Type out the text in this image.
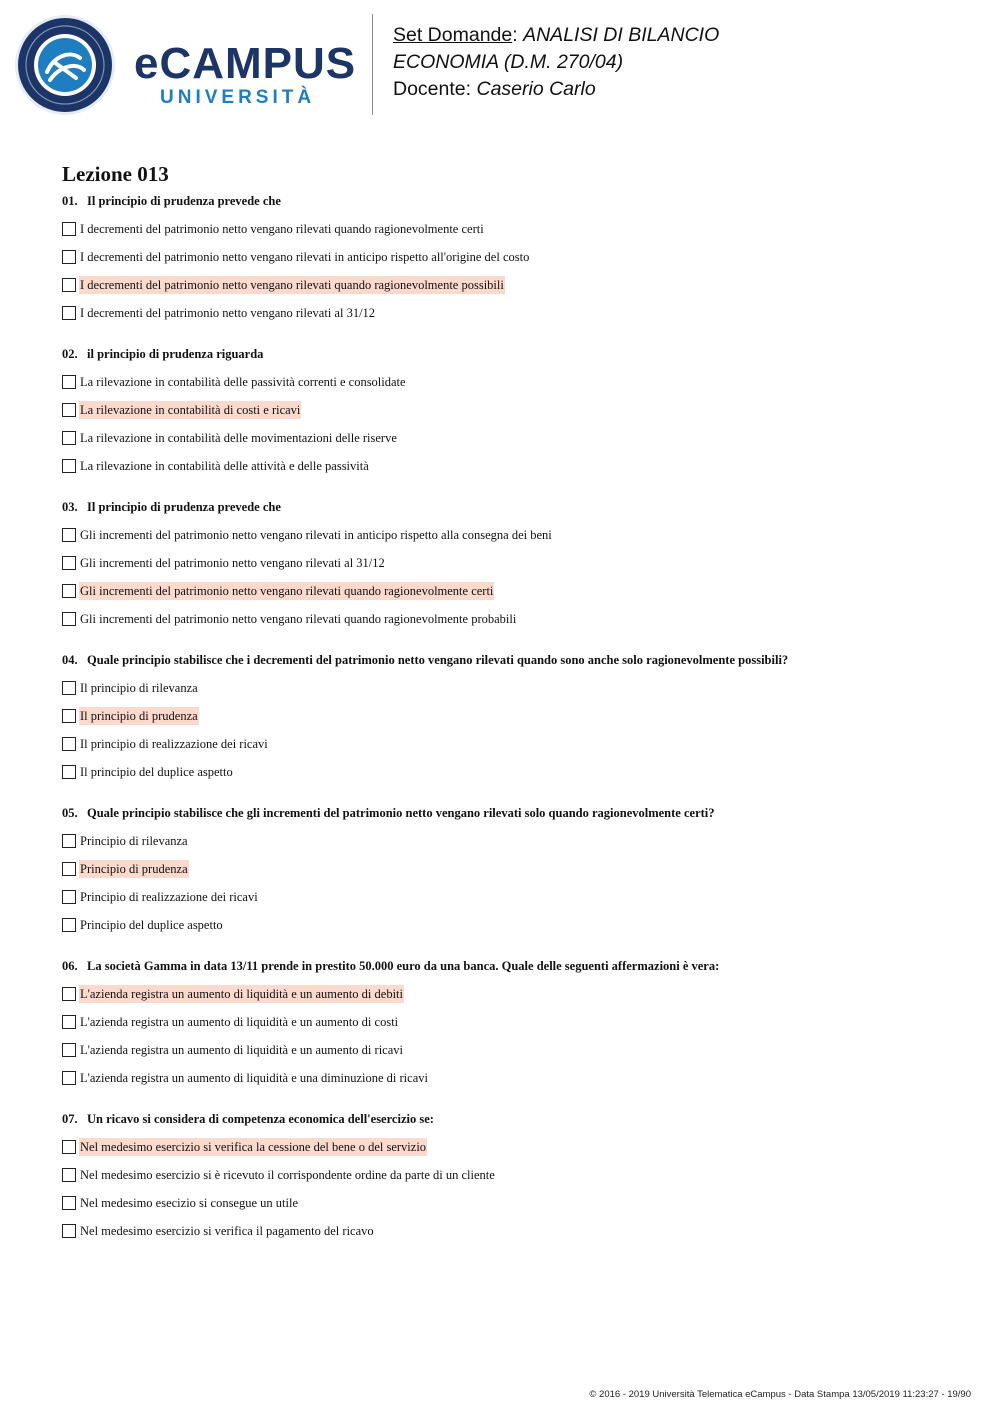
eCAMPUS
UNIVERSITÀ
Set Domande: ANALISI DI BILANCIO
ECONOMIA (D.M. 270/04)
Docente: Caserio Carlo
Lezione 013
01. Il principio di prudenza prevede che
I decrementi del patrimonio netto vengano rilevati quando ragionevolmente certi
I decrementi del patrimonio netto vengano rilevati in anticipo rispetto all'origine del costo
I decrementi del patrimonio netto vengano rilevati quando ragionevolmente possibili
I decrementi del patrimonio netto vengano rilevati al 31/12
02. il principio di prudenza riguarda
La rilevazione in contabilità delle passività correnti e consolidate
La rilevazione in contabilità di costi e ricavi
La rilevazione in contabilità delle movimentazioni delle riserve
La rilevazione in contabilità delle attività e delle passività
03. Il principio di prudenza prevede che
Gli incrementi del patrimonio netto vengano rilevati in anticipo rispetto alla consegna dei beni
Gli incrementi del patrimonio netto vengano rilevati al 31/12
Gli incrementi del patrimonio netto vengano rilevati quando ragionevolmente certi
Gli incrementi del patrimonio netto vengano rilevati quando ragionevolmente probabili
04. Quale principio stabilisce che i decrementi del patrimonio netto vengano rilevati quando sono anche solo ragionevolmente possibili?
Il principio di rilevanza
Il principio di prudenza
Il principio di realizzazione dei ricavi
Il principio del duplice aspetto
05. Quale principio stabilisce che gli incrementi del patrimonio netto vengano rilevati solo quando ragionevolmente certi?
Principio di rilevanza
Principio di prudenza
Principio di realizzazione dei ricavi
Principio del duplice aspetto
06. La società Gamma in data 13/11 prende in prestito 50.000 euro da una banca. Quale delle seguenti affermazioni è vera:
L'azienda registra un aumento di liquidità e un aumento di debiti
L'azienda registra un aumento di liquidità e un aumento di costi
L'azienda registra un aumento di liquidità e un aumento di ricavi
L'azienda registra un aumento di liquidità e una diminuzione di ricavi
07. Un ricavo si considera di competenza economica dell'esercizio se:
Nel medesimo esercizio si verifica la cessione del bene o del servizio
Nel medesimo esercizio si è ricevuto il corrispondente ordine da parte di un cliente
Nel medesimo esecizio si consegue un utile
Nel medesimo esercizio si verifica il pagamento del ricavo
© 2016 - 2019 Università Telematica eCampus - Data Stampa 13/05/2019 11:23:27 - 19/90
